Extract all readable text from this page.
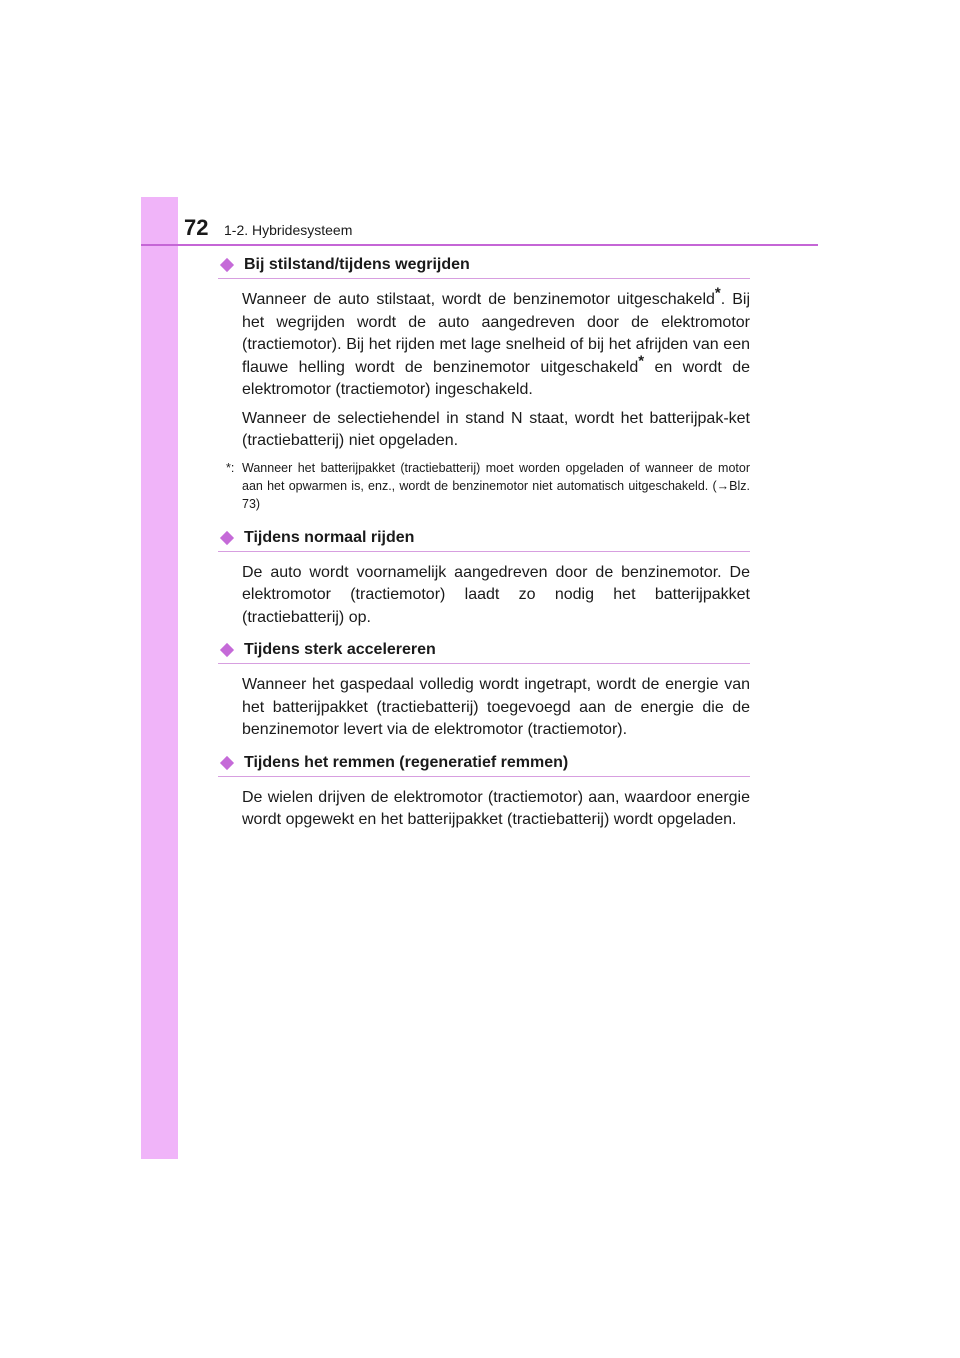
72 1-2. Hybridesysteem
Bij stilstand/tijdens wegrijden

Wanneer de auto stilstaat, wordt de benzinemotor uitgeschakeld*. Bij het wegrijden wordt de auto aangedreven door de elektromotor (tractiemotor). Bij het rijden met lage snelheid of bij het afrijden van een flauwe helling wordt de benzinemotor uitgeschakeld* en wordt de elektromotor (tractiemotor) ingeschakeld.

Wanneer de selectiehendel in stand N staat, wordt het batterijpak-ket (tractiebatterij) niet opgeladen.

*: Wanneer het batterijpakket (tractiebatterij) moet worden opgeladen of wanneer de motor aan het opwarmen is, enz., wordt de benzinemotor niet automatisch uitgeschakeld. (→Blz. 73)
Tijdens normaal rijden

De auto wordt voornamelijk aangedreven door de benzinemotor. De elektromotor (tractiemotor) laadt zo nodig het batterijpakket (tractiebatterij) op.

Tijdens sterk accelereren

Wanneer het gaspedaal volledig wordt ingetrapt, wordt de energie van het batterijpakket (tractiebatterij) toegevoegd aan de energie die de benzinemotor levert via de elektromotor (tractiemotor).

Tijdens het remmen (regeneratief remmen)

De wielen drijven de elektromotor (tractiemotor) aan, waardoor energie wordt opgewekt en het batterijpakket (tractiebatterij) wordt opgeladen.
